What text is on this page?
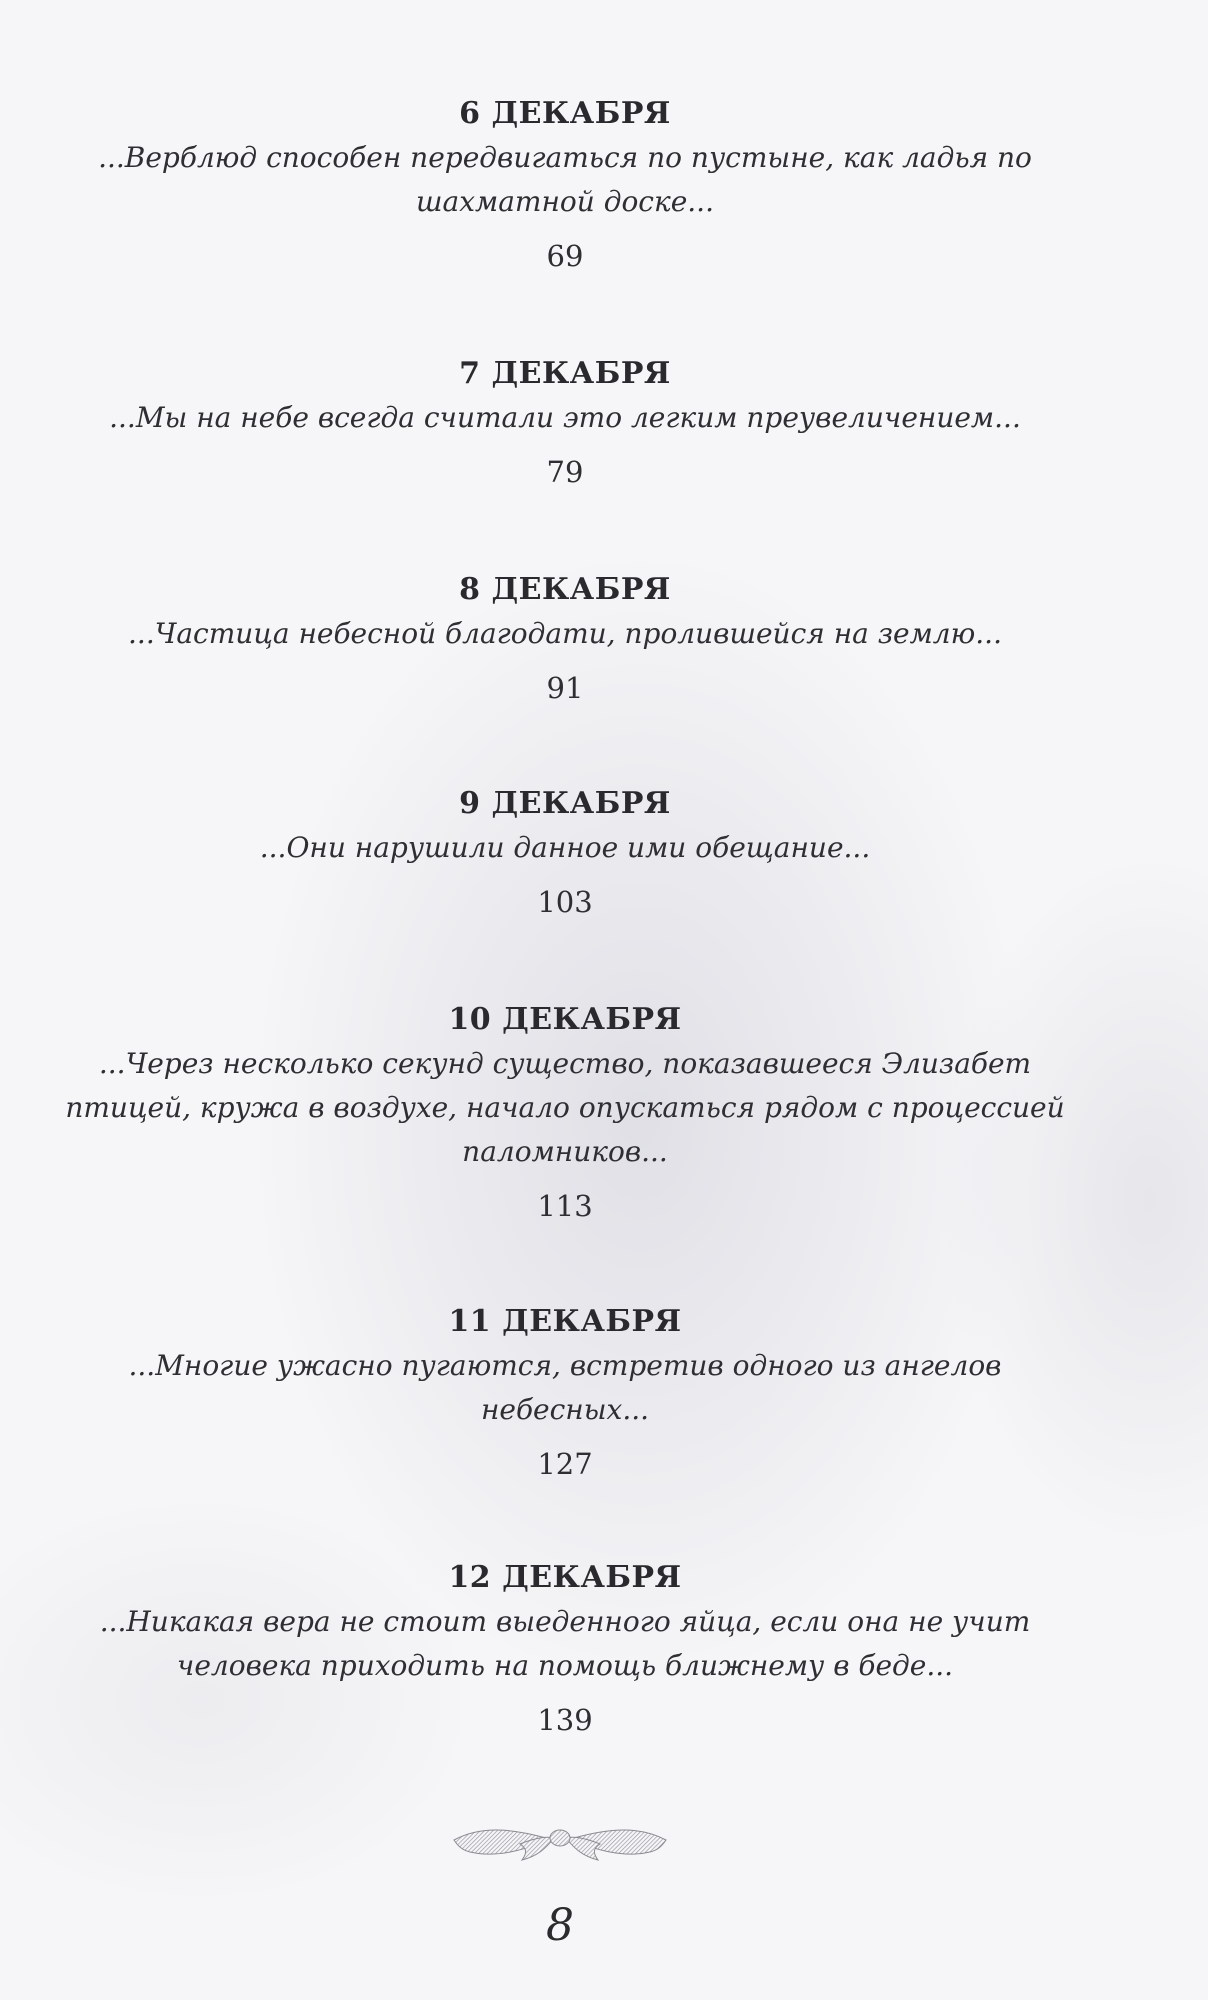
6 ДЕКАБРЯ
...Верблюд способен передвигаться по пустыне, как ладья по
шахматной доске...
69
7 ДЕКАБРЯ
...Мы на небе всегда считали это легким преувеличением...
79
8 ДЕКАБРЯ
...Частица небесной благодати, пролившейся на землю...
91
9 ДЕКАБРЯ
...Они нарушили данное ими обещание...
103
10 ДЕКАБРЯ
...Через несколько секунд существо, показавшееся Элизабет
птицей, кружа в воздухе, начало опускаться рядом с процессией
паломников...
113
11 ДЕКАБРЯ
...Многие ужасно пугаются, встретив одного из ангелов
небесных...
127
12 ДЕКАБРЯ
...Никакая вера не стоит выеденного яйца, если она не учит
человека приходить на помощь ближнему в беде...
139
8
